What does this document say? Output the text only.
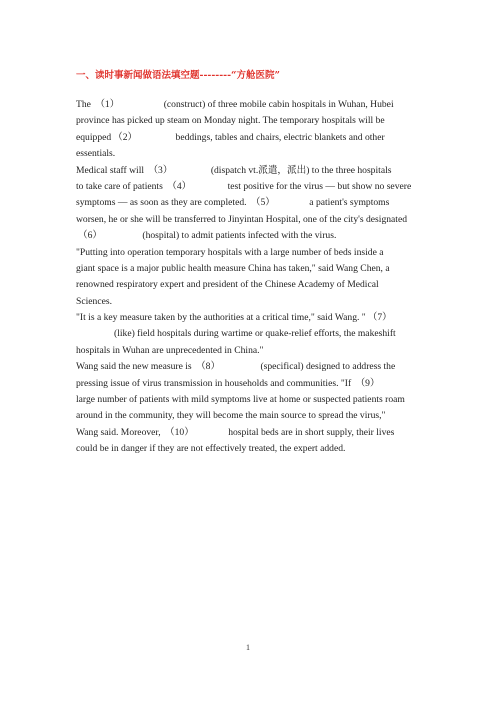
一、读时事新闻做语法填空题--------“方舱医院”
The （1）	(construct) of three mobile cabin hospitals in Wuhan, Hubei
province has picked up steam on Monday night. The temporary hospitals will be
equipped （2）	beddings, tables and chairs, electric blankets and other
essentials.
Medical staff will （3）	(dispatch vt.派遣，派出) to the three hospitals
to take care of patients （4）	test positive for the virus — but show no severe
symptoms — as soon as they are completed. （5）	a patient's symptoms
worsen, he or she will be transferred to Jinyintan Hospital, one of the city's designated
（6）	(hospital) to admit patients infected with the virus.
"Putting into operation temporary hospitals with a large number of beds inside a
giant space is a major public health measure China has taken," said Wang Chen, a
renowned respiratory expert and president of the Chinese Academy of Medical
Sciences.
"It is a key measure taken by the authorities at a critical time," said Wang. " （7）
(like) field hospitals during wartime or quake-relief efforts, the makeshift
hospitals in Wuhan are unprecedented in China."
Wang said the new measure is （8）	(specifical) designed to address the
pressing issue of virus transmission in households and communities. "If （9）
large number of patients with mild symptoms live at home or suspected patients roam
around in the community, they will become the main source to spread the virus,"
Wang said. Moreover, （10）	hospital beds are in short supply, their lives
could be in danger if they are not effectively treated, the expert added.
1
